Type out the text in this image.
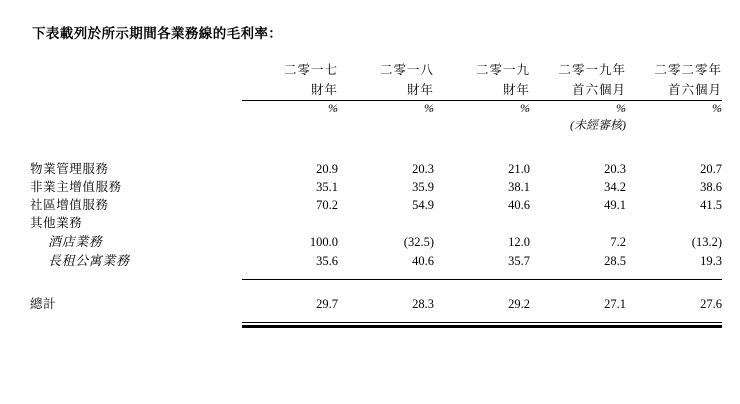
下表載列於所示期間各業務線的毛利率：
	二零一七	二零一八	二零一九	二零一九年	二零二零年
	財年	財年	財年	首六個月	首六個月

	%	%	%	%	%
				(未經審核)	

物業管理服務	20.9	20.3	21.0	20.3	20.7
非業主增值服務	35.1	35.9	38.1	34.2	38.6
社區增值服務	70.2	54.9	40.6	49.1	41.5
其他業務					
酒店業務	100.0	(32.5)	12.0	7.2	(13.2)
長租公寓業務	35.6	40.6	35.7	28.5	19.3

總計	29.7	28.3	29.2	27.1	27.6
